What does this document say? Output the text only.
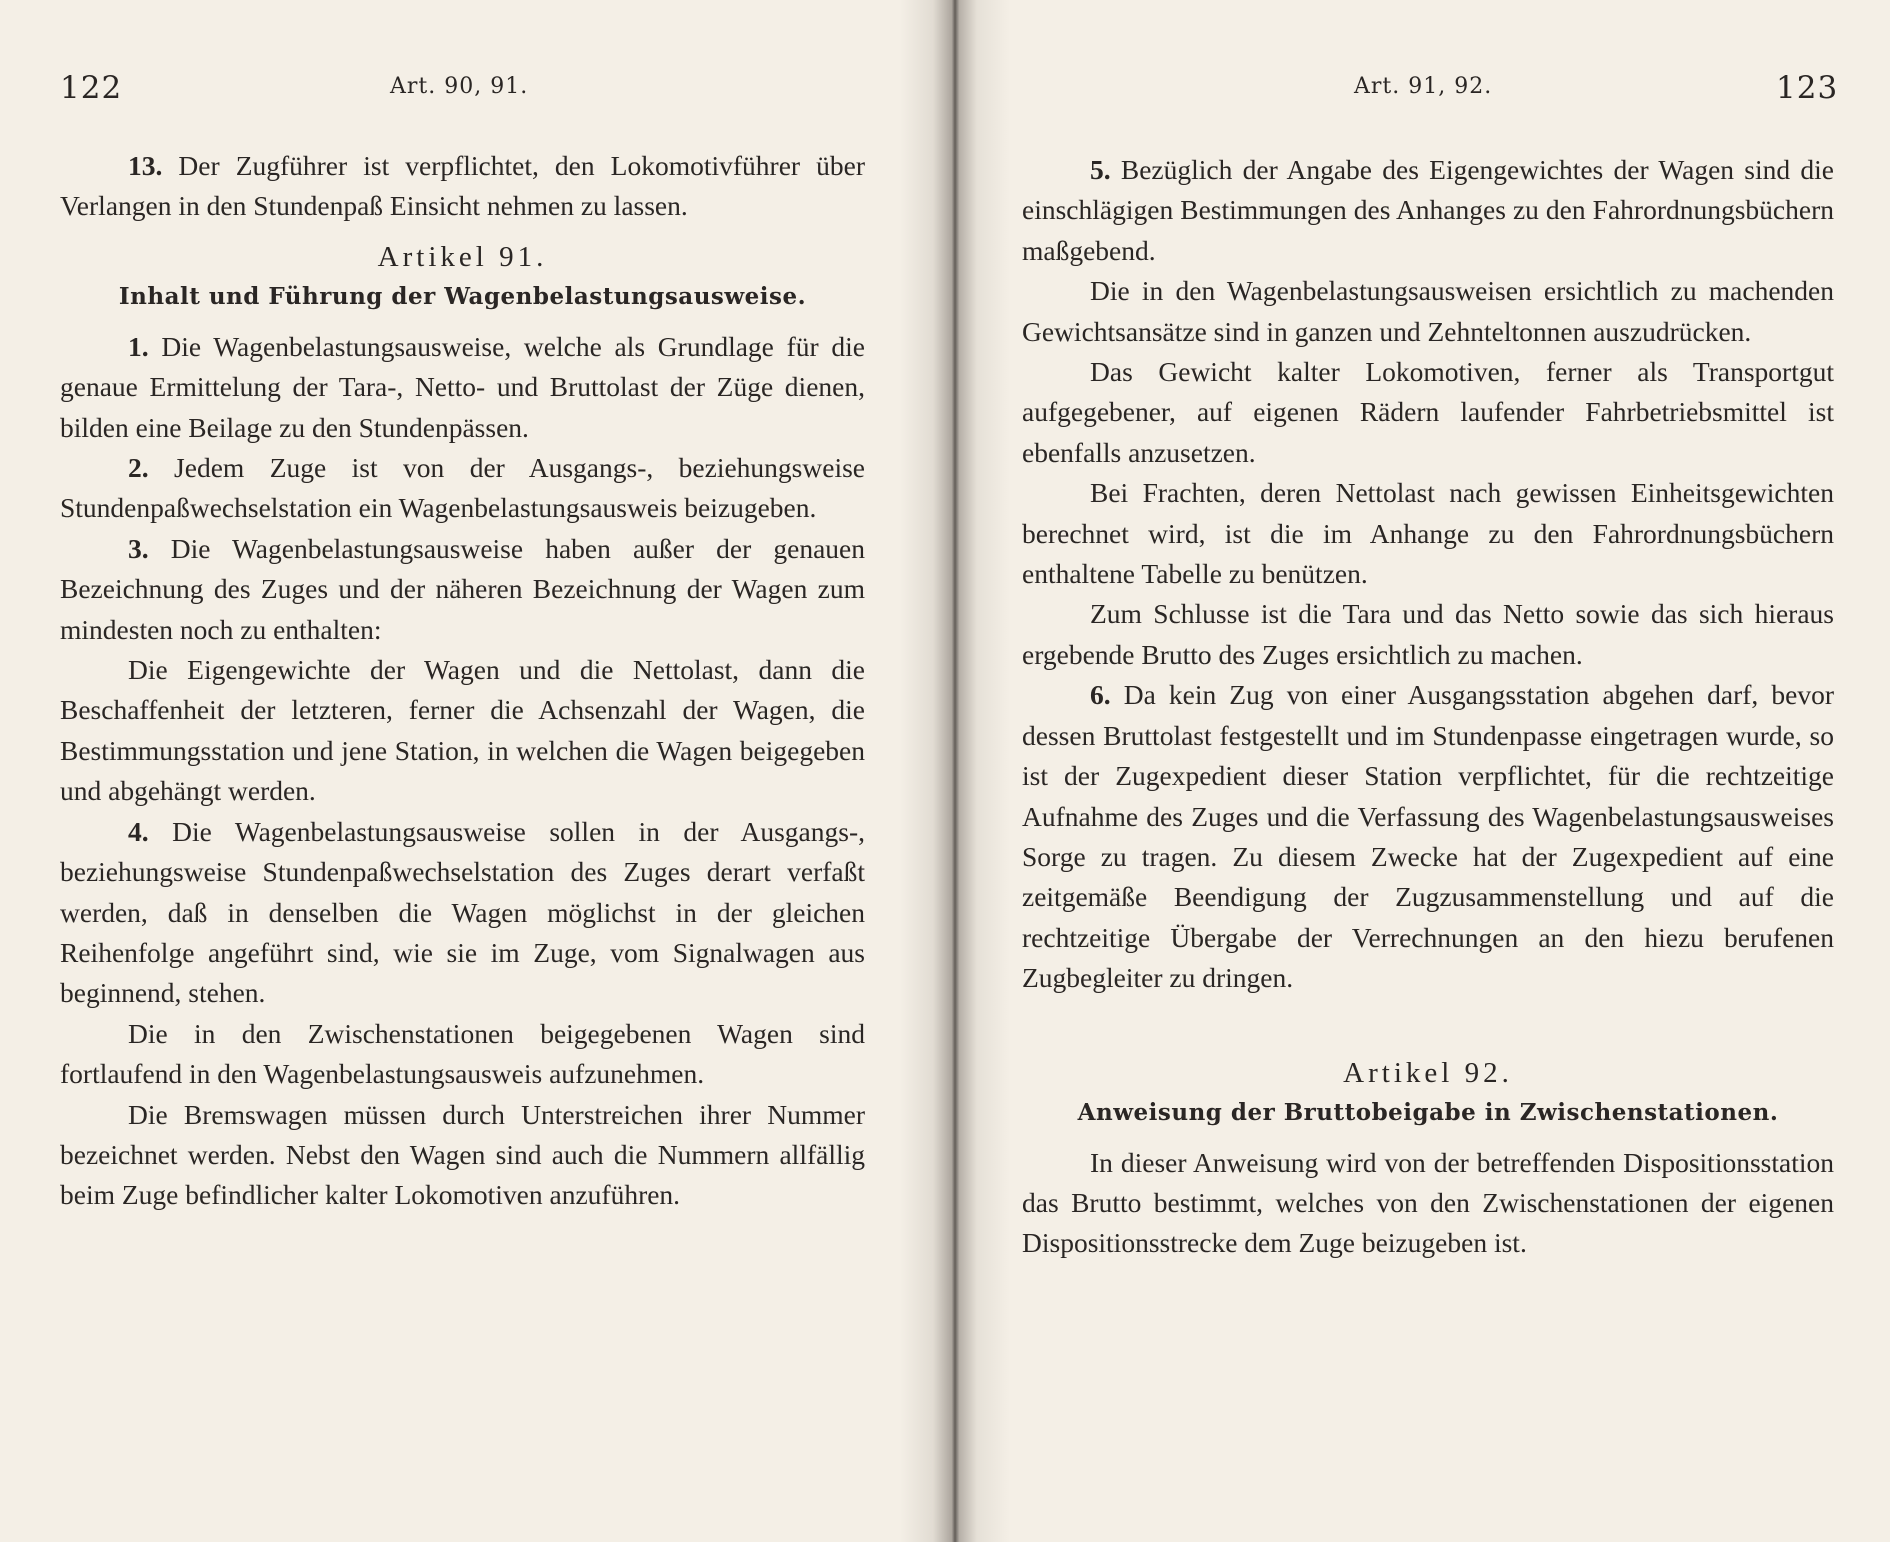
122	Art. 90, 91.

13. Der Zugführer ist verpflichtet, den Lokomotivführer über Verlangen in den Stundenpaß Einsicht nehmen zu lassen.

Artikel 91.
Inhalt und Führung der Wagenbelastungsausweise.

1. Die Wagenbelastungsausweise, welche als Grundlage für die genaue Ermittelung der Tara-, Netto- und Bruttolast der Züge dienen, bilden eine Beilage zu den Stundenpässen.

2. Jedem Zuge ist von der Ausgangs-, beziehungsweise Stundenpaßwechselstation ein Wagenbelastungsausweis beizugeben.

3. Die Wagenbelastungsausweise haben außer der genauen Bezeichnung des Zuges und der näheren Bezeichnung der Wagen zum mindesten noch zu enthalten:

Die Eigengewichte der Wagen und die Nettolast, dann die Beschaffenheit der letzteren, ferner die Achsenzahl der Wagen, die Bestimmungsstation und jene Station, in welchen die Wagen beigegeben und abgehängt werden.

4. Die Wagenbelastungsausweise sollen in der Ausgangs-, beziehungsweise Stundenpaßwechselstation des Zuges derart verfaßt werden, daß in denselben die Wagen möglichst in der gleichen Reihenfolge angeführt sind, wie sie im Zuge, vom Signalwagen aus beginnend, stehen.

Die in den Zwischenstationen beigegebenen Wagen sind fortlaufend in den Wagenbelastungsausweis aufzunehmen.

Die Bremswagen müssen durch Unterstreichen ihrer Nummer bezeichnet werden. Nebst den Wagen sind auch die Nummern allfällig beim Zuge befindlicher kalter Lokomotiven anzuführen.

Art. 91, 92.	123

5. Bezüglich der Angabe des Eigengewichtes der Wagen sind die einschlägigen Bestimmungen des Anhanges zu den Fahrordnungsbüchern maßgebend.

Die in den Wagenbelastungsausweisen ersichtlich zu machenden Gewichtsansätze sind in ganzen und Zehnteltonnen auszudrücken.

Das Gewicht kalter Lokomotiven, ferner als Transportgut aufgegebener, auf eigenen Rädern laufender Fahrbetriebsmittel ist ebenfalls anzusetzen.

Bei Frachten, deren Nettolast nach gewissen Einheitsgewichten berechnet wird, ist die im Anhange zu den Fahrordnungsbüchern enthaltene Tabelle zu benützen.

Zum Schlusse ist die Tara und das Netto sowie das sich hieraus ergebende Brutto des Zuges ersichtlich zu machen.

6. Da kein Zug von einer Ausgangsstation abgehen darf, bevor dessen Bruttolast festgestellt und im Stundenpasse eingetragen wurde, so ist der Zugexpedient dieser Station verpflichtet, für die rechtzeitige Aufnahme des Zuges und die Verfassung des Wagenbelastungsausweises Sorge zu tragen. Zu diesem Zwecke hat der Zugexpedient auf eine zeitgemäße Beendigung der Zugzusammenstellung und auf die rechtzeitige Übergabe der Verrechnungen an den hiezu berufenen Zugbegleiter zu dringen.

Artikel 92.
Anweisung der Bruttobeigabe in Zwischenstationen.

In dieser Anweisung wird von der betreffenden Dispositionsstation das Brutto bestimmt, welches von den Zwischenstationen der eigenen Dispositionsstrecke dem Zuge beizugeben ist.
